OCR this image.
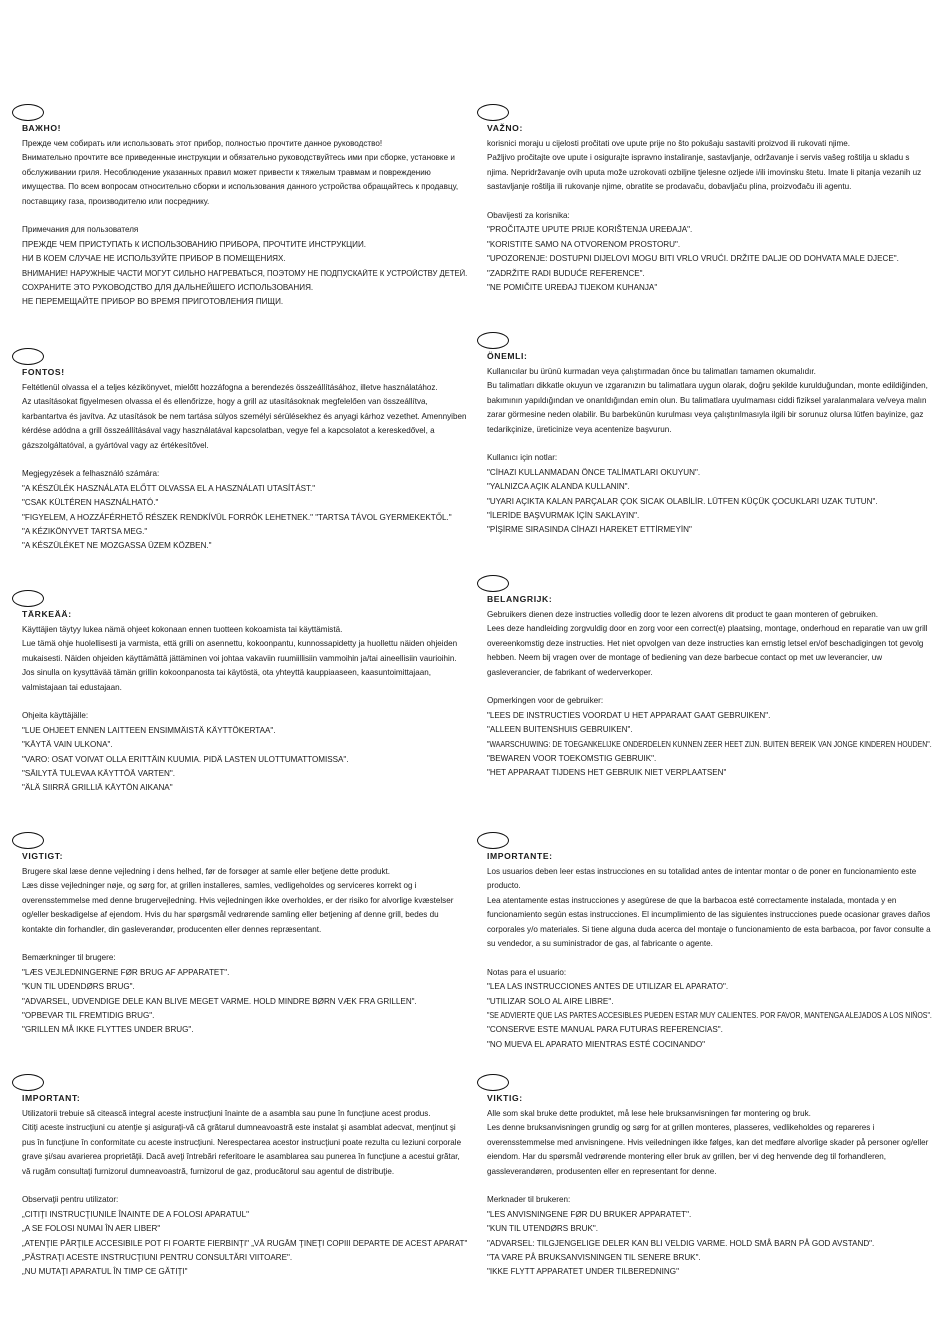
ВАЖНО!

Прежде чем собирать или использовать этот прибор, полностью прочтите данное руководство!

Внимательно прочтите все приведенные инструкции и обязательно руководствуйтесь ими при сборке, установке и обслуживании гриля. Несоблюдение указанных правил может привести к тяжелым травмам и повреждению имущества. По всем вопросам относительно сборки и использования данного устройства обращайтесь к продавцу, поставщику газа, производителю или посреднику.

Примечания для пользователя

ПРЕЖДЕ ЧЕМ ПРИСТУПАТЬ К ИСПОЛЬЗОВАНИЮ ПРИБОРА, ПРОЧТИТЕ ИНСТРУКЦИИ.

НИ В КОЕМ СЛУЧАЕ НЕ ИСПОЛЬЗУЙТЕ ПРИБОР В ПОМЕЩЕНИЯХ.

ВНИМАНИЕ! НАРУЖНЫЕ ЧАСТИ МОГУТ СИЛЬНО НАГРЕВАТЬСЯ, ПОЭТОМУ НЕ ПОДПУСКАЙТЕ К УСТРОЙСТВУ ДЕТЕЙ.

СОХРАНИТЕ ЭТО РУКОВОДСТВО ДЛЯ ДАЛЬНЕЙШЕГО ИСПОЛЬЗОВАНИЯ.

НЕ ПЕРЕМЕЩАЙТЕ ПРИБОР ВО ВРЕМЯ ПРИГОТОВЛЕНИЯ ПИЩИ.

FONTOS!

Feltétlenül olvassa el a teljes kézikönyvet, mielőtt hozzáfogna a berendezés összeállításához, illetve használatához.

Az utasításokat figyelmesen olvassa el és ellenőrizze, hogy a grill az utasításoknak megfelelően van összeállítva, karbantartva és javítva. Az utasítások be nem tartása súlyos személyi sérülésekhez és anyagi kárhoz vezethet. Amennyiben kérdése adódna a grill összeállításával vagy használatával kapcsolatban, vegye fel a kapcsolatot a kereskedővel, a gázszolgáltatóval, a gyártóval vagy az értékesítővel.

Megjegyzések a felhasználó számára:

"A KÉSZÜLÉK HASZNÁLATA ELŐTT OLVASSA EL A HASZNÁLATI UTASÍTÁST."

"CSAK KÜLTÉREN HASZNÁLHATÓ."

"FIGYELEM, A HOZZÁFÉRHETŐ RÉSZEK RENDKÍVÜL FORRÓK LEHETNEK." "TARTSA TÁVOL GYERMEKEKTŐL."

"A KÉZIKÖNYVET TARTSA MEG."

"A KÉSZÜLÉKET NE MOZGASSA ÜZEM KÖZBEN."

TÄRKEÄÄ:

Käyttäjien täytyy lukea nämä ohjeet kokonaan ennen tuotteen kokoamista tai käyttämistä.

Lue tämä ohje huolellisesti ja varmista, että grilli on asennettu, kokoonpantu, kunnossapidetty ja huollettu näiden ohjeiden mukaisesti. Näiden ohjeiden käyttämättä jättäminen voi johtaa vakaviin ruumiillisiin vammoihin ja/tai aineellisiin vaurioihin. Jos sinulla on kysyttävää tämän grillin kokoonpanosta tai käytöstä, ota yhteyttä kauppiaaseen, kaasuntoimittajaan, valmistajaan tai edustajaan.

Ohjeita käyttäjälle:

"LUE OHJEET ENNEN LAITTEEN ENSIMMÄISTÄ KÄYTTÖKERTAA".

"KÄYTÄ VAIN ULKONA".

"VARO: OSAT VOIVAT OLLA ERITTÄIN KUUMIA. PIDÄ LASTEN ULOTTUMATTOMISSA".

"SÄILYTÄ TULEVAA KÄYTTÖÄ VARTEN".

"ÄLÄ SIIRRÄ GRILLIÄ KÄYTÖN AIKANA"

VIGTIGT:

Brugere skal læse denne vejledning i dens helhed, før de forsøger at samle eller betjene dette produkt.

Læs disse vejledninger nøje, og sørg for, at grillen installeres, samles, vedligeholdes og serviceres korrekt og i overensstemmelse med denne brugervejledning. Hvis vejledningen ikke overholdes, er der risiko for alvorlige kvæstelser og/eller beskadigelse af ejendom. Hvis du har spørgsmål vedrørende samling eller betjening af denne grill, bedes du kontakte din forhandler, din gasleverandør, producenten eller dennes repræsentant.

Bemærkninger til brugere:

"LÆS VEJLEDNINGERNE FØR BRUG AF APPARATET".

"KUN TIL UDENDØRS BRUG".

"ADVARSEL, UDVENDIGE DELE KAN BLIVE MEGET VARME. HOLD MINDRE BØRN VÆK FRA GRILLEN".

"OPBEVAR TIL FREMTIDIG BRUG".

"GRILLEN MÅ IKKE FLYTTES UNDER BRUG".

IMPORTANT:

Utilizatorii trebuie să citească integral aceste instrucţiuni înainte de a asambla sau pune în funcţiune acest produs.

Citiţi aceste instrucţiuni cu atenţie şi asiguraţi-vă că grătarul dumneavoastră este instalat şi asamblat adecvat, menţinut şi pus în funcţiune în conformitate cu aceste instrucţiuni. Nerespectarea acestor instrucţiuni poate rezulta cu leziuni corporale grave şi/sau avarierea proprietăţii. Dacă aveţi întrebări referitoare le asamblarea sau punerea în funcţiune a acestui grătar, vă rugăm consultaţi furnizorul dumneavoastră, furnizorul de gaz, producătorul sau agentul de distribuţie.

Observaţii pentru utilizator:

„CITIŢI INSTRUCŢIUNILE ÎNAINTE DE A FOLOSI APARATUL"

„A SE FOLOSI NUMAI ÎN AER LIBER"

„ATENŢIE PĂRŢILE ACCESIBILE POT FI FOARTE FIERBINŢI" „VĂ RUGĂM ŢINEŢI COPIII DEPARTE DE ACEST APARAT"

„PĂSTRAŢI ACESTE INSTRUCŢIUNI PENTRU CONSULTĂRI VIITOARE".

„NU MUTAŢI APARATUL ÎN TIMP CE GĂTIŢI"

VAŽNO:

korisnici moraju u cijelosti pročitati ove upute prije no što pokušaju sastaviti proizvod ili rukovati njime.

Pažljivo pročitajte ove upute i osigurajte ispravno instaliranje, sastavljanje, održavanje i servis vašeg roštilja u skladu s njima. Nepridržavanje ovih uputa može uzrokovati ozbiljne tjelesne ozljede i/ili imovinsku štetu. Imate li pitanja vezanih uz sastavljanje roštilja ili rukovanje njime, obratite se prodavaču, dobavljaču plina, proizvođaču ili agentu.

Obavijesti za korisnika:

"PROČITAJTE UPUTE PRIJE KORIŠTENJA UREĐAJA".

"KORISTITE SAMO NA OTVORENOM PROSTORU".

"UPOZORENJE: DOSTUPNI DIJELOVI MOGU BITI VRLO VRUĆI. DRŽITE DALJE OD DOHVATA MALE DJECE".

"ZADRŽITE RADI BUDUĆE REFERENCE".

"NE POMIČITE UREĐAJ TIJEKOM KUHANJA"

ÖNEMLI:

Kullanıcılar bu ürünü kurmadan veya çalıştırmadan önce bu talimatları tamamen okumalıdır.

Bu talimatları dikkatle okuyun ve ızgaranızın bu talimatlara uygun olarak, doğru şekilde kurulduğundan, monte edildiğinden, bakımının yapıldığından ve onarıldığından emin olun. Bu talimatlara uyulmaması ciddi fiziksel yaralanmalara ve/veya malın zarar görmesine neden olabilir. Bu barbekünün kurulması veya çalıştırılmasıyla ilgili bir sorunuz olursa lütfen bayinize, gaz tedarikçinize, üreticinize veya acentenize başvurun.

Kullanıcı için notlar:

"CİHAZI KULLANMADAN ÖNCE TALİMATLARI OKUYUN".

"YALNIZCA AÇIK ALANDA KULLANIN".

"UYARI AÇIKTA KALAN PARÇALAR ÇOK SICAK OLABİLİR. LÜTFEN KÜÇÜK ÇOCUKLARI UZAK TUTUN".

"İLERİDE BAŞVURMAK İÇİN SAKLAYIN".

"PİŞİRME SIRASINDA CİHAZI HAREKET ETTİRMEYİN"

BELANGRIJK:

Gebruikers dienen deze instructies volledig door te lezen alvorens dit product te gaan monteren of gebruiken.

Lees deze handleiding zorgvuldig door en zorg voor een correct(e) plaatsing, montage, onderhoud en reparatie van uw grill overeenkomstig deze instructies. Het niet opvolgen van deze instructies kan ernstig letsel en/of beschadigingen tot gevolg hebben. Neem bij vragen over de montage of bediening van deze barbecue contact op met uw leverancier, uw gasleverancier, de fabrikant of wederverkoper.

Opmerkingen voor de gebruiker:

"LEES DE INSTRUCTIES VOORDAT U HET APPARAAT GAAT GEBRUIKEN".

"ALLEEN BUITENSHUIS GEBRUIKEN".

"WAARSCHUWING: DE TOEGANKELIJKE ONDERDELEN KUNNEN ZEER HEET ZIJN. BUITEN BEREIK VAN JONGE KINDEREN HOUDEN".

"BEWAREN VOOR TOEKOMSTIG GEBRUIK".

"HET APPARAAT TIJDENS HET GEBRUIK NIET VERPLAATSEN"

IMPORTANTE:

Los usuarios deben leer estas instrucciones en su totalidad antes de intentar montar o de poner en funcionamiento este producto.

Lea atentamente estas instrucciones y asegúrese de que la barbacoa esté correctamente instalada, montada y en funcionamiento según estas instrucciones. El incumplimiento de las siguientes instrucciones puede ocasionar graves daños corporales y/o materiales. Si tiene alguna duda acerca del montaje o funcionamiento de esta barbacoa, por favor consulte a su vendedor, a su suministrador de gas, al fabricante o agente.

Notas para el usuario:

"LEA LAS INSTRUCCIONES ANTES DE UTILIZAR EL APARATO".

"UTILIZAR SOLO AL AIRE LIBRE".

"SE ADVIERTE QUE LAS PARTES ACCESIBLES PUEDEN ESTAR MUY CALIENTES. POR FAVOR, MANTENGA ALEJADOS A LOS NIÑOS".

"CONSERVE ESTE MANUAL PARA FUTURAS REFERENCIAS".

"NO MUEVA EL APARATO MIENTRAS ESTÉ COCINANDO"

VIKTIG:

Alle som skal bruke dette produktet, må lese hele bruksanvisningen før montering og bruk.

Les denne bruksanvisningen grundig og sørg for at grillen monteres, plasseres, vedlikeholdes og repareres i overensstemmelse med anvisningene. Hvis veiledningen ikke følges, kan det medføre alvorlige skader på personer og/eller eiendom. Har du spørsmål vedrørende montering eller bruk av grillen, ber vi deg henvende deg til forhandleren, gassleverandøren, produsenten eller en representant for denne.

Merknader til brukeren:

"LES ANVISNINGENE FØR DU BRUKER APPARATET".

"KUN TIL UTENDØRS BRUK".

"ADVARSEL: TILGJENGELIGE DELER KAN BLI VELDIG VARME. HOLD SMÅ BARN PÅ GOD AVSTAND".

"TA VARE PÅ BRUKSANVISNINGEN TIL SENERE BRUK".

"IKKE FLYTT APPARATET UNDER TILBEREDNING"
